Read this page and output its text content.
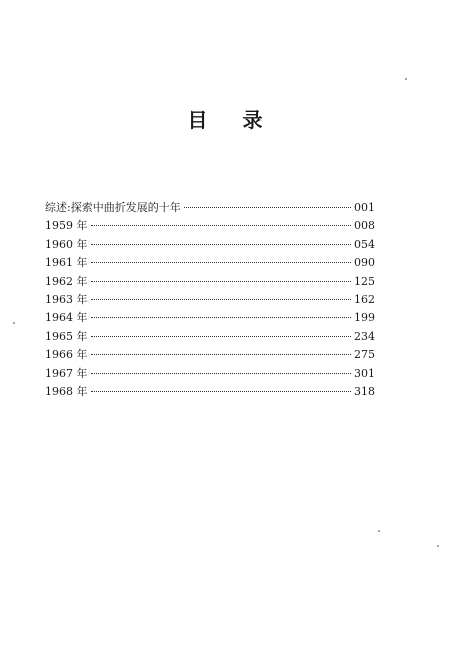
目 录
综述:探索中曲折发展的十年	001
1959 年	008
1960 年	054
1961 年	090
1962 年	125
1963 年	162
1964 年	199
1965 年	234
1966 年	275
1967 年	301
1968 年	318
